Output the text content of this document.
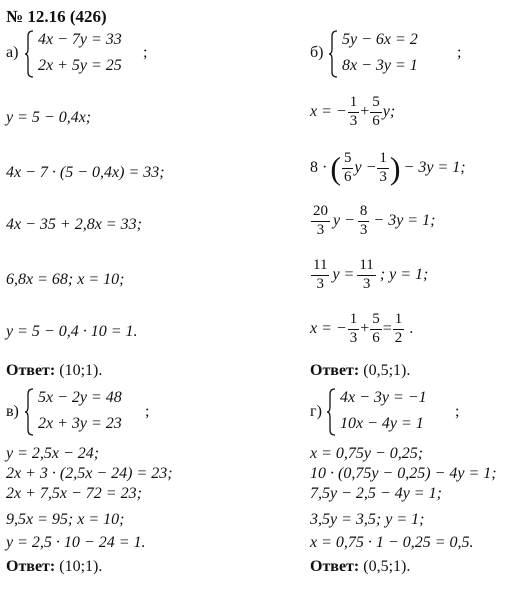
№ 12.16 (426)
а)
4x − 7y = 33
2x + 5y = 25
;
y = 5 − 0,4x;
4x − 7 · (5 − 0,4x) = 33;
4x − 35 + 2,8x = 33;
6,8x = 68; x = 10;
y = 5 − 0,4 · 10 = 1.
Ответ: (10;1).
б)
5y − 6x = 2
8x − 3y = 1
;
x = − $\frac{1}{3} + \frac{5}{6} y$;
8 · ( $\frac{5}{6}$ $y - \frac{1}{3}$ ) − 3y = 1;
$\frac{20}{3}$ $y - \frac{8}{3} - 3y = 1$;
$\frac{11}{3}$ $y = \frac{11}{3}$ ; y = 1;
x = − $\frac{1}{3} + \frac{5}{6} = \frac{1}{2}$ .
Ответ: (0,5;1).
в)
5x − 2y = 48
2x + 3y = 23
;
y = 2,5x − 24;
2x + 3 · (2,5x − 24) = 23;
2x + 7,5x − 72 = 23;
9,5x = 95; x = 10;
y = 2,5 · 10 − 24 = 1.
Ответ: (10;1).
г)
4x − 3y = −1
10x − 4y = 1
;
x = 0,75y − 0,25;
10 · (0,75y − 0,25) − 4y = 1;
7,5y − 2,5 − 4y = 1;
3,5y = 3,5; y = 1;
x = 0,75 · 1 − 0,25 = 0,5.
Ответ: (0,5;1).
